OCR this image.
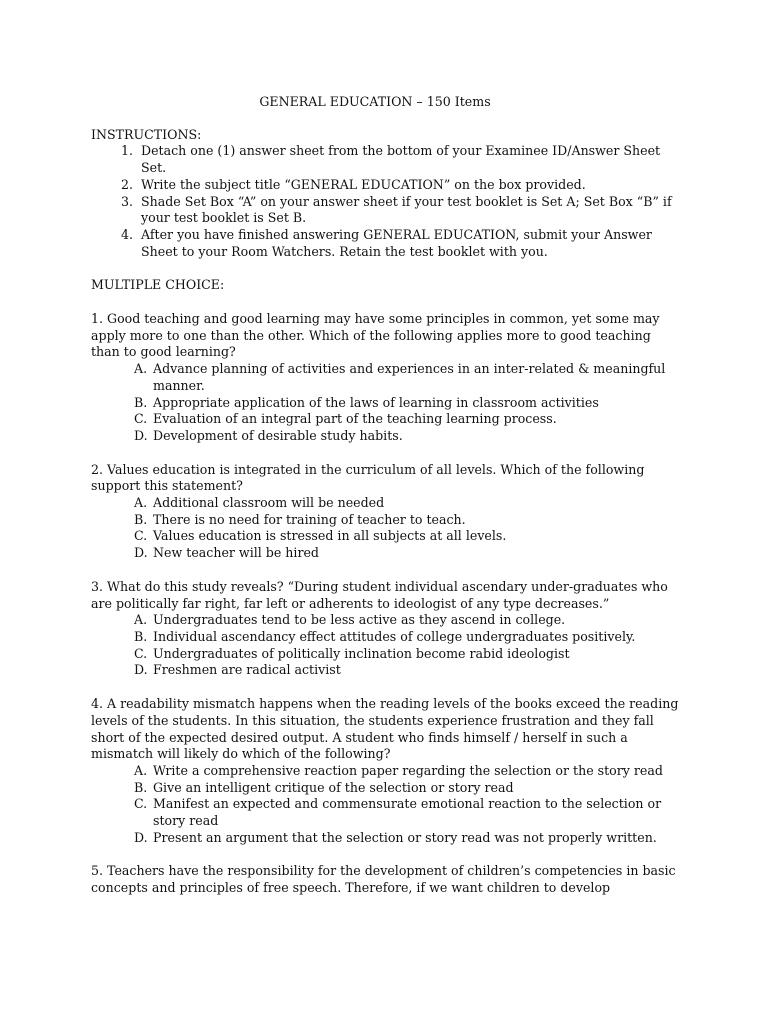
GENERAL EDUCATION – 150 Items

INSTRUCTIONS:

1. Detach one (1) answer sheet from the bottom of your Examinee ID/Answer Sheet Set.
2. Write the subject title “GENERAL EDUCATION” on the box provided.
3. Shade Set Box “A” on your answer sheet if your test booklet is Set A; Set Box “B” if your test booklet is Set B.
4. After you have finished answering GENERAL EDUCATION, submit your Answer Sheet to your Room Watchers. Retain the test booklet with you.

MULTIPLE CHOICE:

1. Good teaching and good learning may have some principles in common, yet some may apply more to one than the other. Which of the following applies more to good teaching than to good learning?

A. Advance planning of activities and experiences in an inter-related & meaningful manner.
B. Appropriate application of the laws of learning in classroom activities
C. Evaluation of an integral part of the teaching learning process.
D. Development of desirable study habits.

2. Values education is integrated in the curriculum of all levels. Which of the following support this statement?

A. Additional classroom will be needed
B. There is no need for training of teacher to teach.
C. Values education is stressed in all subjects at all levels.
D. New teacher will be hired

3. What do this study reveals? “During student individual ascendary under-graduates who are politically far right, far left or adherents to ideologist of any type decreases.”

A. Undergraduates tend to be less active as they ascend in college.
B. Individual ascendancy effect attitudes of college undergraduates positively.
C. Undergraduates of politically inclination become rabid ideologist
D. Freshmen are radical activist

4. A readability mismatch happens when the reading levels of the books exceed the reading levels of the students. In this situation, the students experience frustration and they fall short of the expected desired output. A student who finds himself / herself in such a mismatch will likely do which of the following?

A. Write a comprehensive reaction paper regarding the selection or the story read
B. Give an intelligent critique of the selection or story read
C. Manifest an expected and commensurate emotional reaction to the selection or story read
D. Present an argument that the selection or story read was not properly written.

5. Teachers have the responsibility for the development of children’s competencies in basic concepts and principles of free speech. Therefore, if we want children to develop
